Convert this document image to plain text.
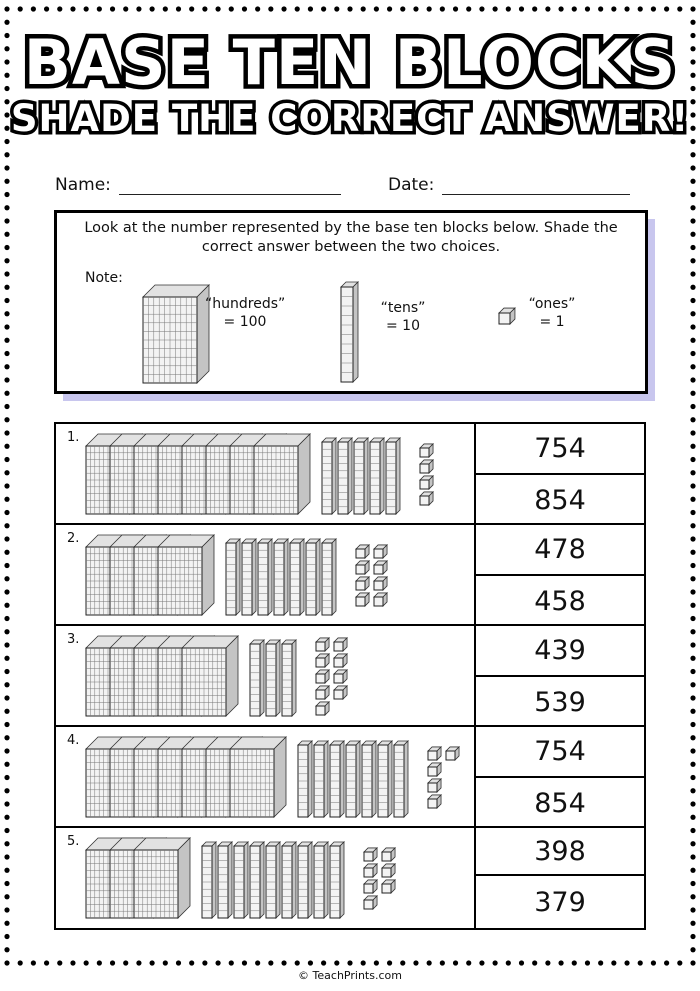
BASE TEN BLOCKS
SHADE THE CORRECT ANSWER!
Name:	Date:
Look at the number represented by the base ten blocks below. Shade the correct answer between the two choices.
Note:
“hundreds”
= 100
“tens”
= 10
“ones”
= 1
1.	754
854
2.	478
458
3.	439
539
4.	754
854
5.	398
379
© TeachPrints.com
